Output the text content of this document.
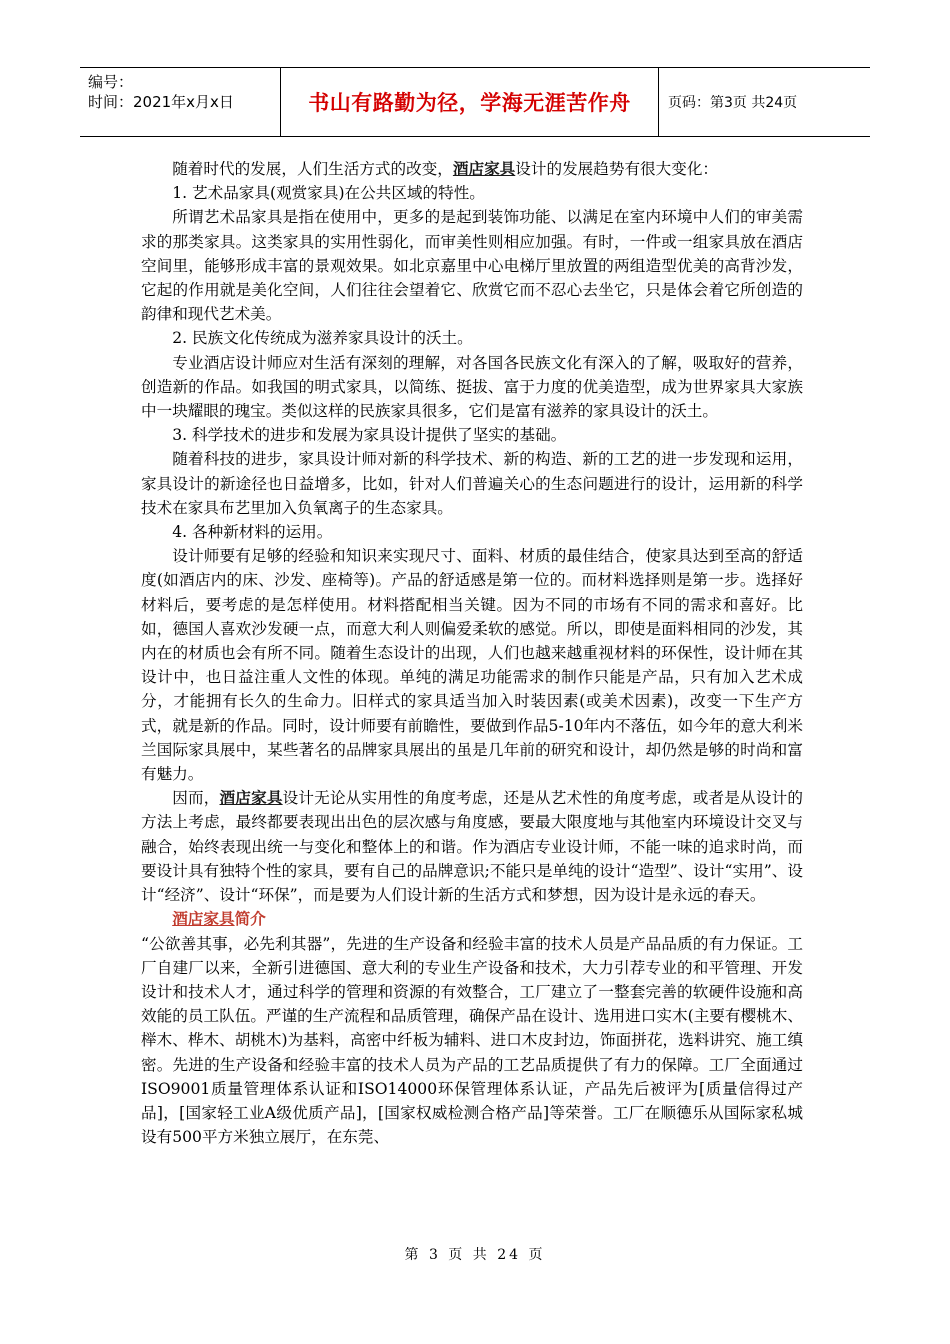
编号：
时间：2021年x月x日	书山有路勤为径，学海无涯苦作舟	页码：第3页 共24页

随着时代的发展，人们生活方式的改变，酒店家具设计的发展趋势有很大变化：

1. 艺术品家具(观赏家具)在公共区域的特性。

所谓艺术品家具是指在使用中，更多的是起到装饰功能、以满足在室内环境中人们的审美需求的那类家具。这类家具的实用性弱化，而审美性则相应加强。有时，一件或一组家具放在酒店空间里，能够形成丰富的景观效果。如北京嘉里中心电梯厅里放置的两组造型优美的高背沙发，它起的作用就是美化空间，人们往往会望着它、欣赏它而不忍心去坐它，只是体会着它所创造的韵律和现代艺术美。

2. 民族文化传统成为滋养家具设计的沃土。

专业酒店设计师应对生活有深刻的理解，对各国各民族文化有深入的了解，吸取好的营养，创造新的作品。如我国的明式家具，以简练、挺拔、富于力度的优美造型，成为世界家具大家族中一块耀眼的瑰宝。类似这样的民族家具很多，它们是富有滋养的家具设计的沃土。

3. 科学技术的进步和发展为家具设计提供了坚实的基础。

随着科技的进步，家具设计师对新的科学技术、新的构造、新的工艺的进一步发现和运用，家具设计的新途径也日益增多，比如，针对人们普遍关心的生态问题进行的设计，运用新的科学技术在家具布艺里加入负氧离子的生态家具。

4. 各种新材料的运用。

设计师要有足够的经验和知识来实现尺寸、面料、材质的最佳结合，使家具达到至高的舒适度(如酒店内的床、沙发、座椅等)。产品的舒适感是第一位的。而材料选择则是第一步。选择好材料后，要考虑的是怎样使用。材料搭配相当关键。因为不同的市场有不同的需求和喜好。比如，德国人喜欢沙发硬一点，而意大利人则偏爱柔软的感觉。所以，即使是面料相同的沙发，其内在的材质也会有所不同。随着生态设计的出现，人们也越来越重视材料的环保性，设计师在其设计中，也日益注重人文性的体现。单纯的满足功能需求的制作只能是产品，只有加入艺术成分，才能拥有长久的生命力。旧样式的家具适当加入时装因素(或美术因素)，改变一下生产方式，就是新的作品。同时，设计师要有前瞻性，要做到作品5-10年内不落伍，如今年的意大利米兰国际家具展中，某些著名的品牌家具展出的虽是几年前的研究和设计，却仍然是够的时尚和富有魅力。

因而，酒店家具设计无论从实用性的角度考虑，还是从艺术性的角度考虑，或者是从设计的方法上考虑，最终都要表现出出色的层次感与角度感，要最大限度地与其他室内环境设计交叉与融合，始终表现出统一与变化和整体上的和谐。作为酒店专业设计师，不能一味的追求时尚，而要设计具有独特个性的家具，要有自己的品牌意识;不能只是单纯的设计“造型”、设计“实用”、设计“经济”、设计“环保”，而是要为人们设计新的生活方式和梦想，因为设计是永远的春天。

酒店家具简介

“公欲善其事，必先利其器”，先进的生产设备和经验丰富的技术人员是产品品质的有力保证。工厂自建厂以来，全新引进德国、意大利的专业生产设备和技术，大力引荐专业的和平管理、开发设计和技术人才，通过科学的管理和资源的有效整合，工厂建立了一整套完善的软硬件设施和高效能的员工队伍。严谨的生产流程和品质管理，确保产品在设计、选用进口实木(主要有樱桃木、榉木、桦木、胡桃木)为基料，高密中纤板为辅料、进口木皮封边，饰面拼花，选料讲究、施工缜密。先进的生产设备和经验丰富的技术人员为产品的工艺品质提供了有力的保障。工厂全面通过ISO9001质量管理体系认证和ISO14000环保管理体系认证，产品先后被评为[质量信得过产品]，[国家轻工业A级优质产品]，[国家权威检测合格产品]等荣誉。工厂在顺德乐从国际家私城设有500平方米独立展厅，在东莞、

第 3 页 共 24 页
